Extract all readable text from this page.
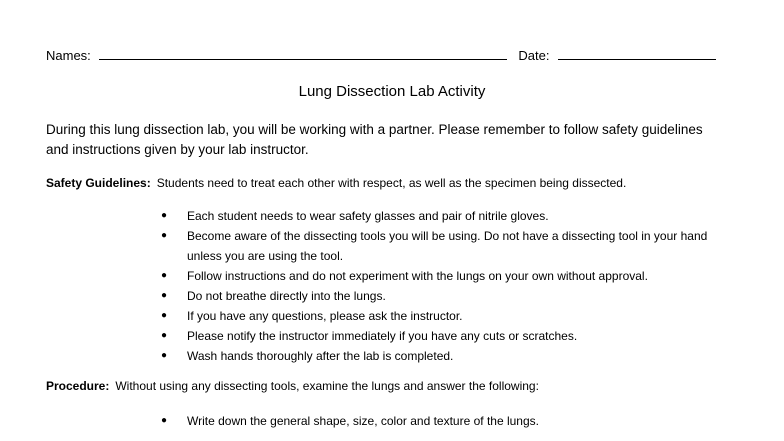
Names:	Date:
Lung Dissection Lab Activity
During this lung dissection lab, you will be working with a partner. Please remember to follow safety guidelines and instructions given by your lab instructor.
Safety Guidelines: Students need to treat each other with respect, as well as the specimen being dissected.
● Each student needs to wear safety glasses and pair of nitrile gloves.
● Become aware of the dissecting tools you will be using. Do not have a dissecting tool in your hand unless you are using the tool.
● Follow instructions and do not experiment with the lungs on your own without approval.
● Do not breathe directly into the lungs.
● If you have any questions, please ask the instructor.
● Please notify the instructor immediately if you have any cuts or scratches.
● Wash hands thoroughly after the lab is completed.
Procedure: Without using any dissecting tools, examine the lungs and answer the following:
● Write down the general shape, size, color and texture of the lungs.
